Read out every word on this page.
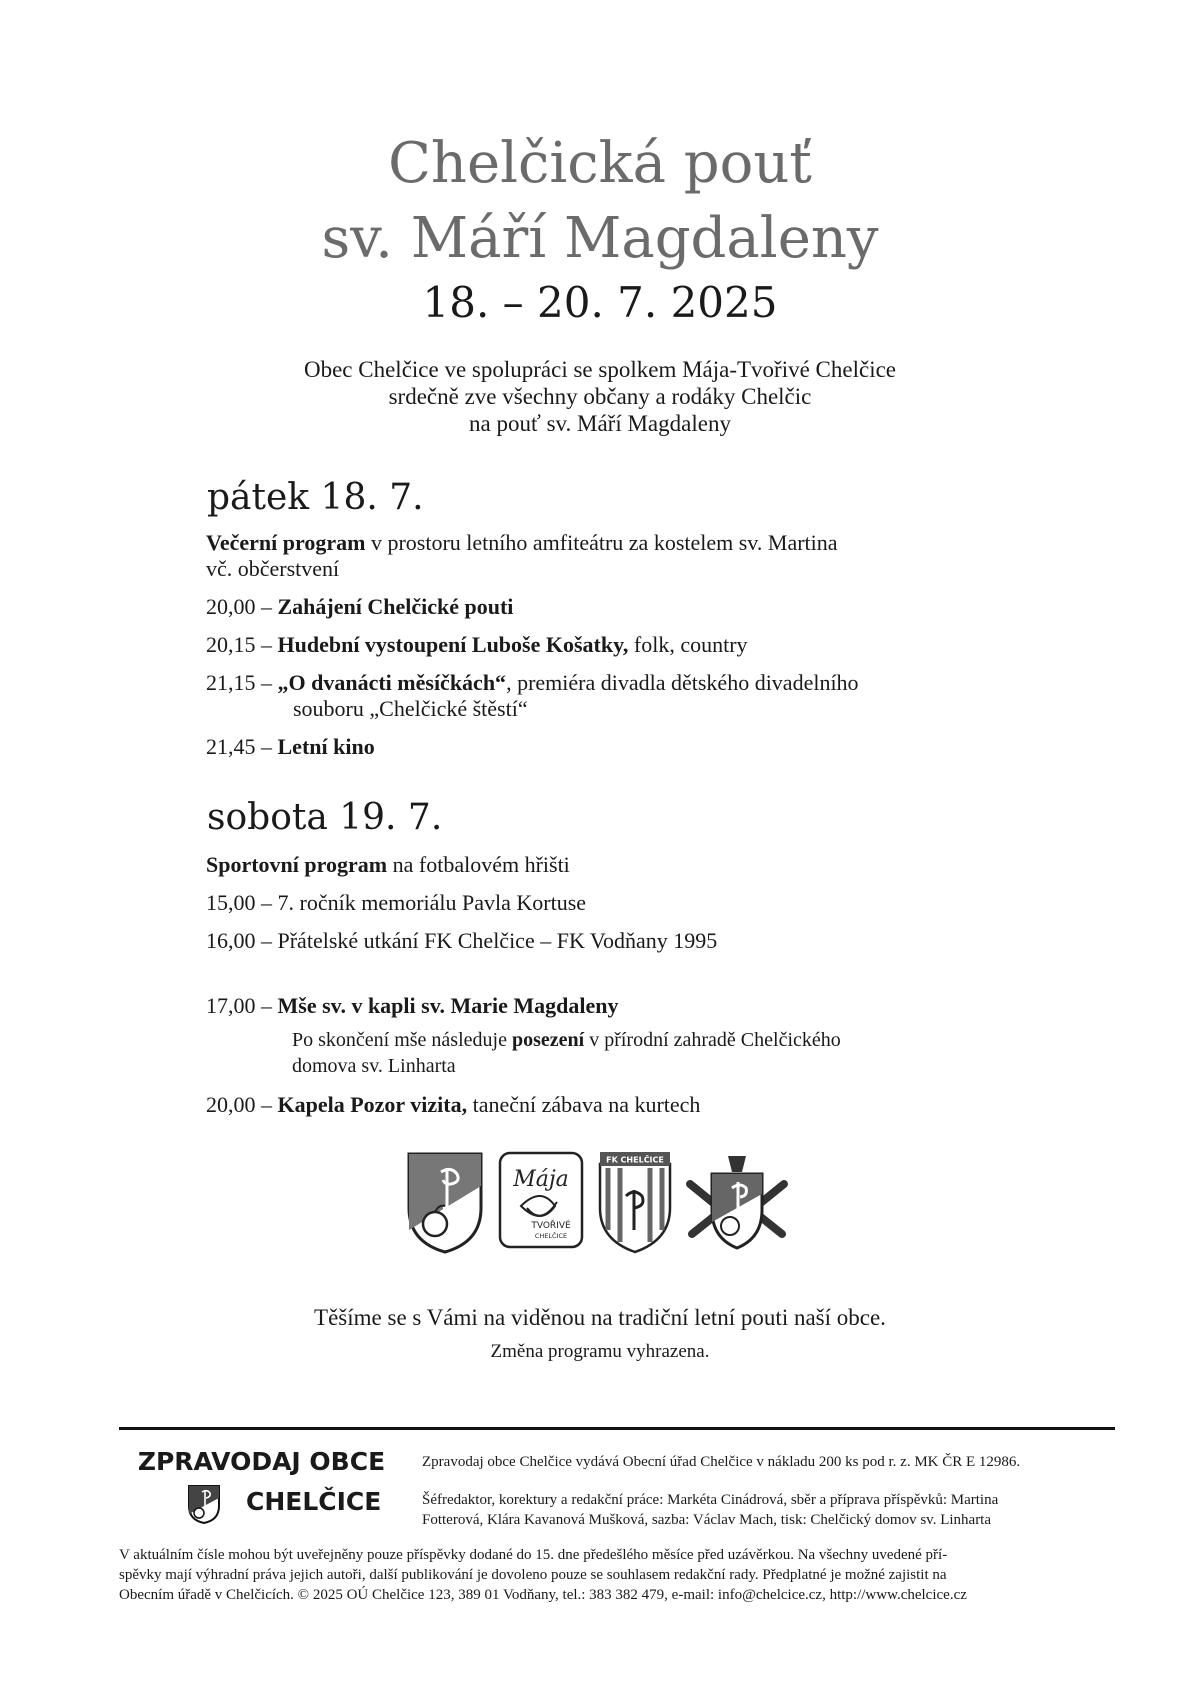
Chelčická pouť
sv. Máří Magdaleny

18. – 20. 7. 2025

Obec Chelčice ve spolupráci se spolkem Mája-Tvořivé Chelčice
srdečně zve všechny občany a rodáky Chelčic
na pouť sv. Máří Magdaleny
pátek 18. 7.

Večerní program v prostoru letního amfiteátru za kostelem sv. Martina

vč. občerstvení

20,00 – Zahájení Chelčické pouti

20,15 – Hudební vystoupení Luboše Košatky, folk, country

21,15 – „O dvanácti měsíčkách“, premiéra divadla dětského divadelního

souboru „Chelčické štěstí“

21,45 – Letní kino

sobota 19. 7.

Sportovní program na fotbalovém hřišti

15,00 – 7. ročník memoriálu Pavla Kortuse

16,00 – Přátelské utkání FK Chelčice – FK Vodňany 1995

17,00 – Mše sv. v kapli sv. Marie Magdaleny

Po skončení mše následuje posezení v přírodní zahradě Chelčického

domova sv. Linharta

20,00 – Kapela Pozor vizita, taneční zábava na kurtech

Mája
TVOŘIVÉ
CHELČICE
FK CHELČICE

Těšíme se s Vámi na viděnou na tradiční letní pouti naší obce.

Změna programu vyhrazena.

ZPRAVODAJ OBCE
CHELČICE

Zpravodaj obce Chelčice vydává Obecní úřad Chelčice v nákladu 200 ks pod r. z. MK ČR E 12986.

Šéfredaktor, korektury a redakční práce: Markéta Cinádrová, sběr a příprava příspěvků: Martina

Fotterová, Klára Kavanová Mušková, sazba: Václav Mach, tisk: Chelčický domov sv. Linharta

V aktuálním čísle mohou být uveřejněny pouze příspěvky dodané do 15. dne předešlého měsíce před uzávěrkou. Na všechny uvedené pří-

spěvky mají výhradní práva jejich autoři, další publikování je dovoleno pouze se souhlasem redakční rady. Předplatné je možné zajistit na

Obecním úřadě v Chelčicích. © 2025 OÚ Chelčice 123, 389 01 Vodňany, tel.: 383 382 479, e-mail: info@chelcice.cz, http://www.chelcice.cz
